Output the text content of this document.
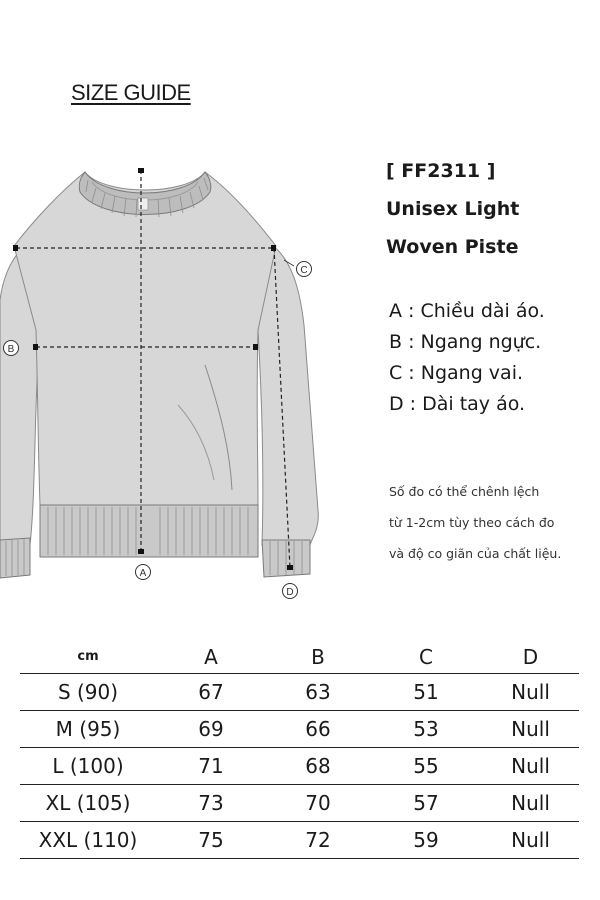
SIZE GUIDE
A
B
C
D
[ FF2311 ]
Unisex Light
Woven Piste
A : Chiều dài áo.
B : Ngang ngực.
C : Ngang vai.
D : Dài tay áo.
Số đo có thể chênh lệch
từ 1-2cm tùy theo cách đo
và độ co giãn của chất liệu.
cm	A	B	C	D
S (90)	67	63	51	Null
M (95)	69	66	53	Null
L (100)	71	68	55	Null
XL (105)	73	70	57	Null
XXL (110)	75	72	59	Null
